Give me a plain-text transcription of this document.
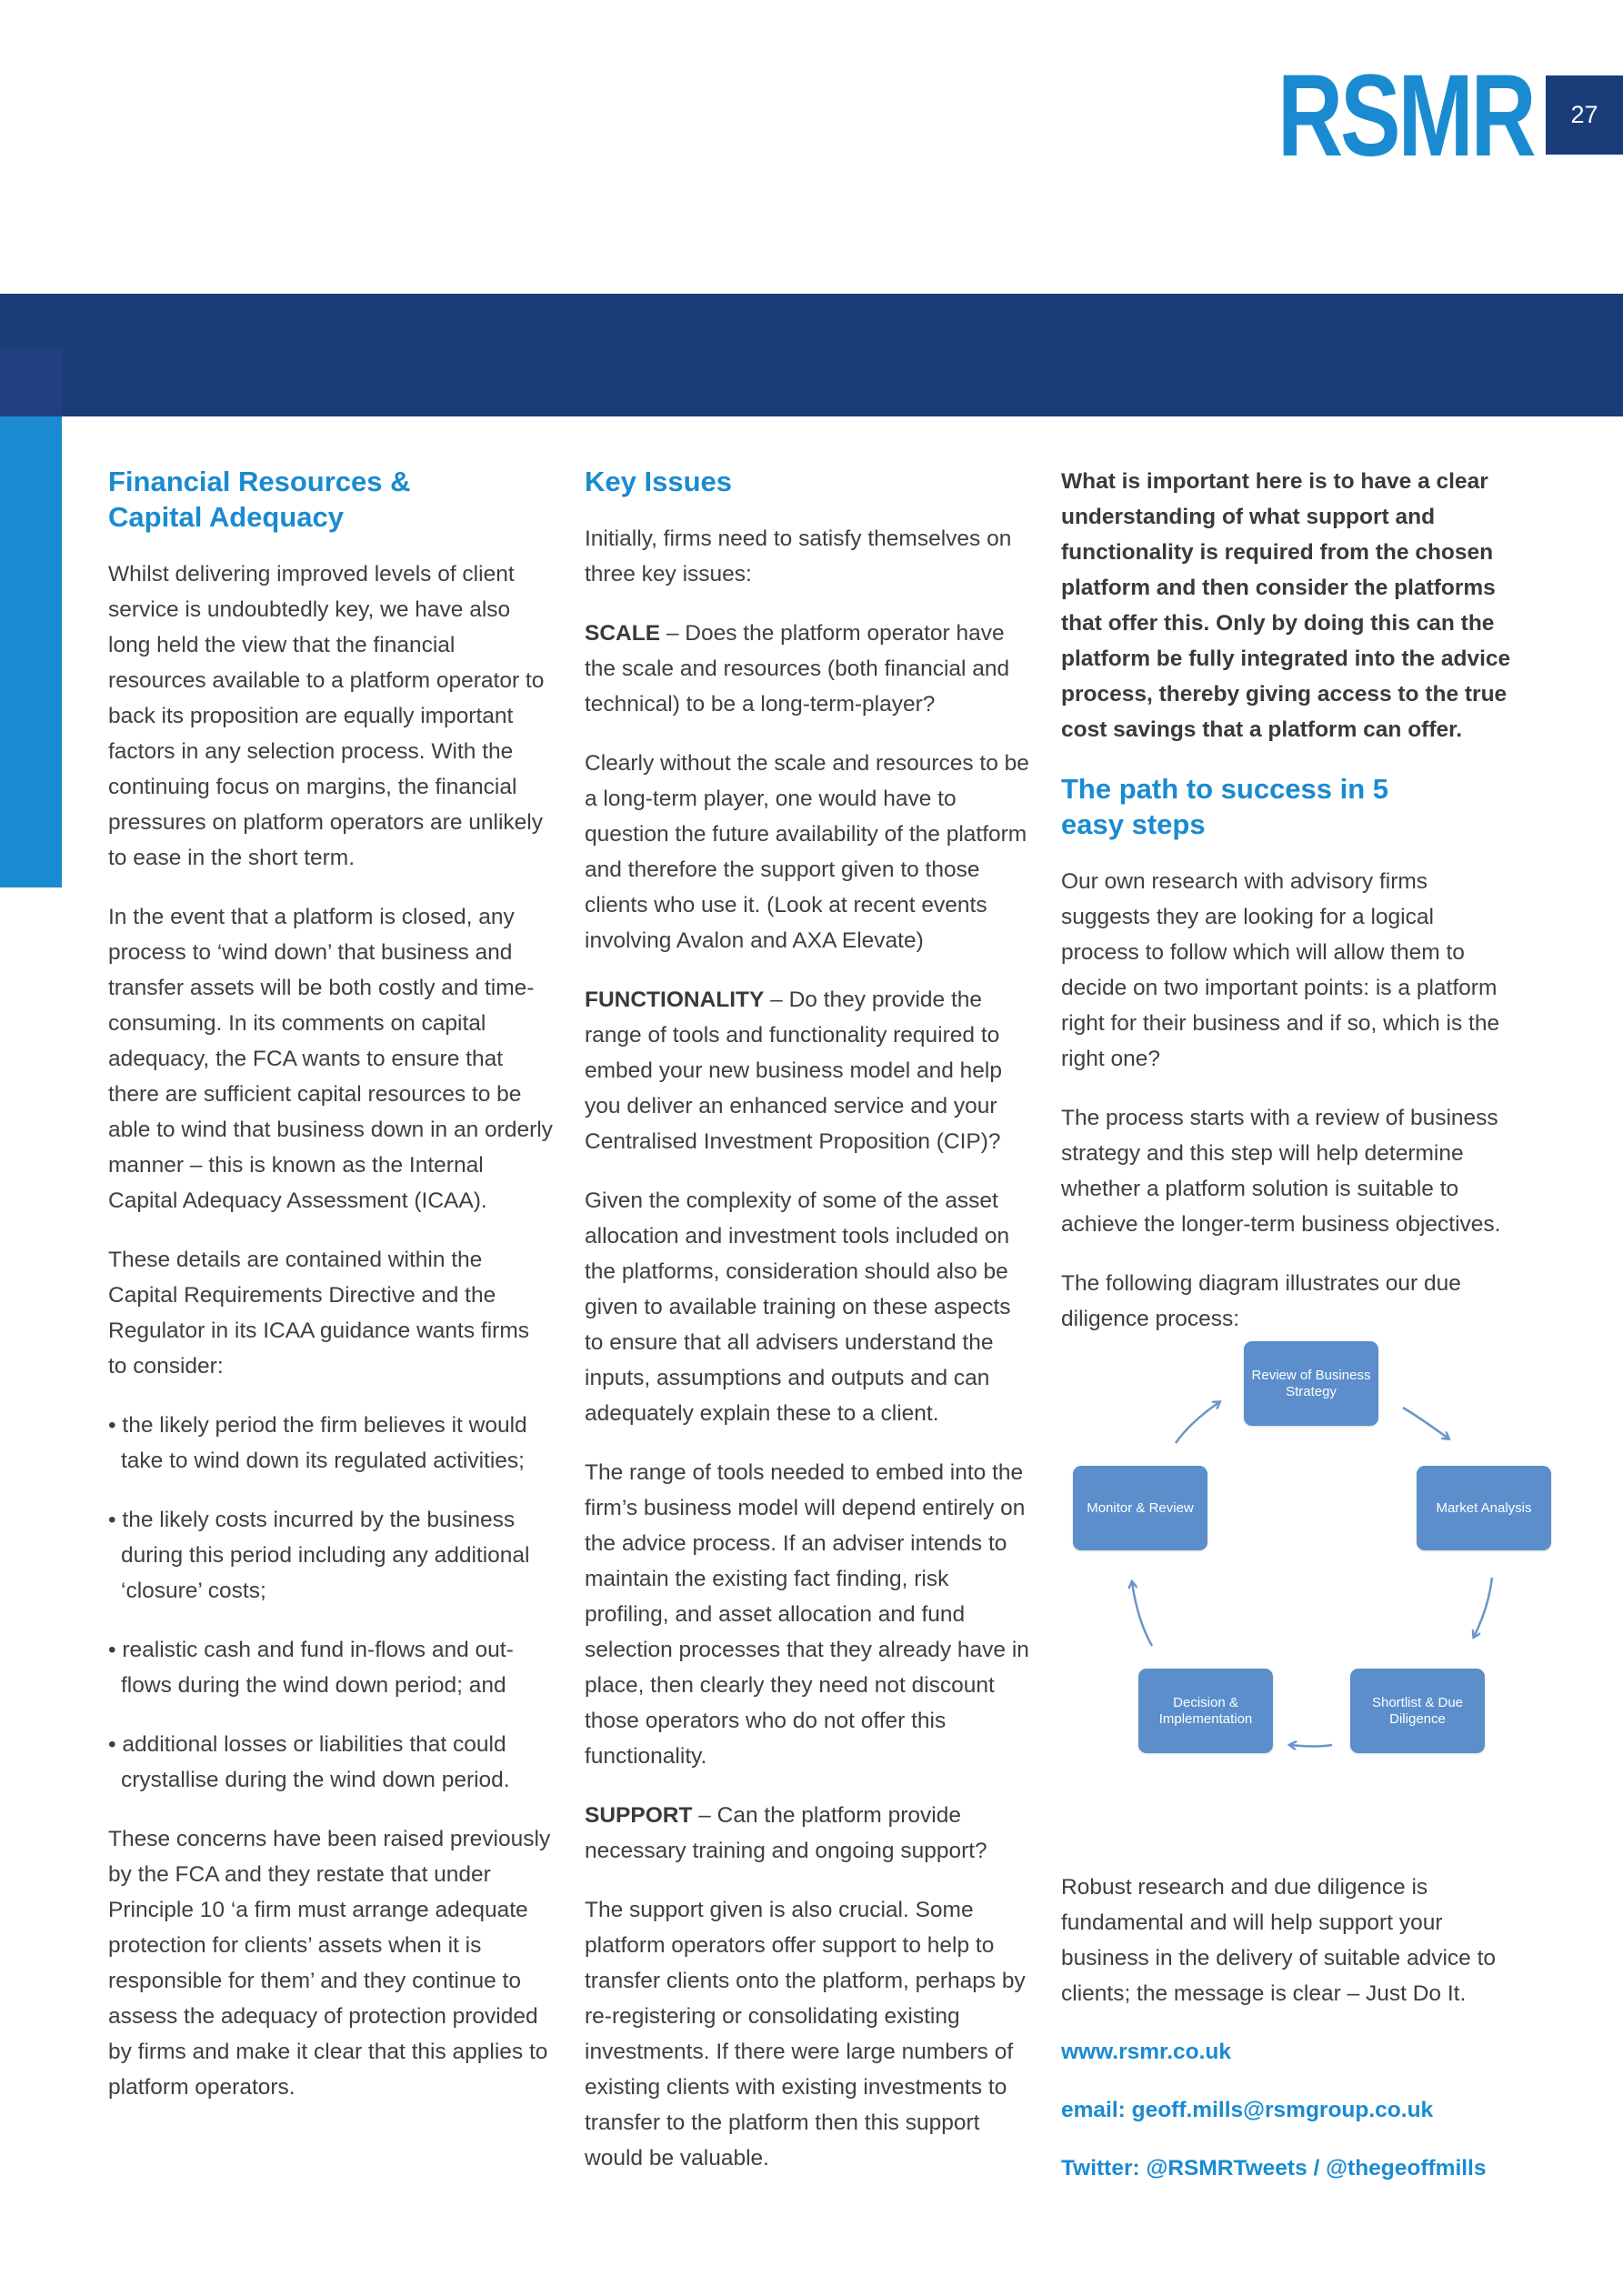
RSMR	27
Financial Resources &
Capital Adequacy

Whilst delivering improved levels of client service is undoubtedly key, we have also long held the view that the financial resources available to a platform operator to back its proposition are equally important factors in any selection process. With the continuing focus on margins, the financial pressures on platform operators are unlikely to ease in the short term.

In the event that a platform is closed, any process to ‘wind down’ that business and transfer assets will be both costly and time-consuming. In its comments on capital adequacy, the FCA wants to ensure that there are sufficient capital resources to be able to wind that business down in an orderly manner – this is known as the Internal Capital Adequacy Assessment (ICAA).

These details are contained within the Capital Requirements Directive and the Regulator in its ICAA guidance wants firms to consider:

• the likely period the firm believes it would take to wind down its regulated activities;

• the likely costs incurred by the business during this period including any additional ‘closure’ costs;

• realistic cash and fund in-flows and out-flows during the wind down period; and

• additional losses or liabilities that could crystallise during the wind down period.

These concerns have been raised previously by the FCA and they restate that under Principle 10 ‘a firm must arrange adequate protection for clients’ assets when it is responsible for them’ and they continue to assess the adequacy of protection provided by firms and make it clear that this applies to platform operators.

Key Issues

Initially, firms need to satisfy themselves on three key issues:

SCALE – Does the platform operator have the scale and resources (both financial and technical) to be a long-term-player?

Clearly without the scale and resources to be a long-term player, one would have to question the future availability of the platform and therefore the support given to those clients who use it. (Look at recent events involving Avalon and AXA Elevate)

FUNCTIONALITY – Do they provide the range of tools and functionality required to embed your new business model and help you deliver an enhanced service and your Centralised Investment Proposition (CIP)?

Given the complexity of some of the asset allocation and investment tools included on the platforms, consideration should also be given to available training on these aspects to ensure that all advisers understand the inputs, assumptions and outputs and can adequately explain these to a client.

The range of tools needed to embed into the firm’s business model will depend entirely on the advice process. If an adviser intends to maintain the existing fact finding, risk profiling, and asset allocation and fund selection processes that they already have in place, then clearly they need not discount those operators who do not offer this functionality.

SUPPORT – Can the platform provide necessary training and ongoing support?

The support given is also crucial. Some platform operators offer support to help to transfer clients onto the platform, perhaps by re-registering or consolidating existing investments. If there were large numbers of existing clients with existing investments to transfer to the platform then this support would be valuable.

What is important here is to have a clear understanding of what support and functionality is required from the chosen platform and then consider the platforms that offer this. Only by doing this can the platform be fully integrated into the advice process, thereby giving access to the true cost savings that a platform can offer.

The path to success in 5
easy steps

Our own research with advisory firms suggests they are looking for a logical process to follow which will allow them to decide on two important points: is a platform right for their business and if so, which is the right one?

The process starts with a review of business strategy and this step will help determine whether a platform solution is suitable to achieve the longer-term business objectives.

The following diagram illustrates our due diligence process:

Robust research and due diligence is fundamental and will help support your business in the delivery of suitable advice to clients; the message is clear – Just Do It.

www.rsmr.co.uk

email: geoff.mills@rsmgroup.co.uk

Twitter: @RSMRTweets / @thegeoffmills

Review of Business Strategy
Market Analysis
Shortlist & Due Diligence
Decision & Implementation
Monitor & Review
